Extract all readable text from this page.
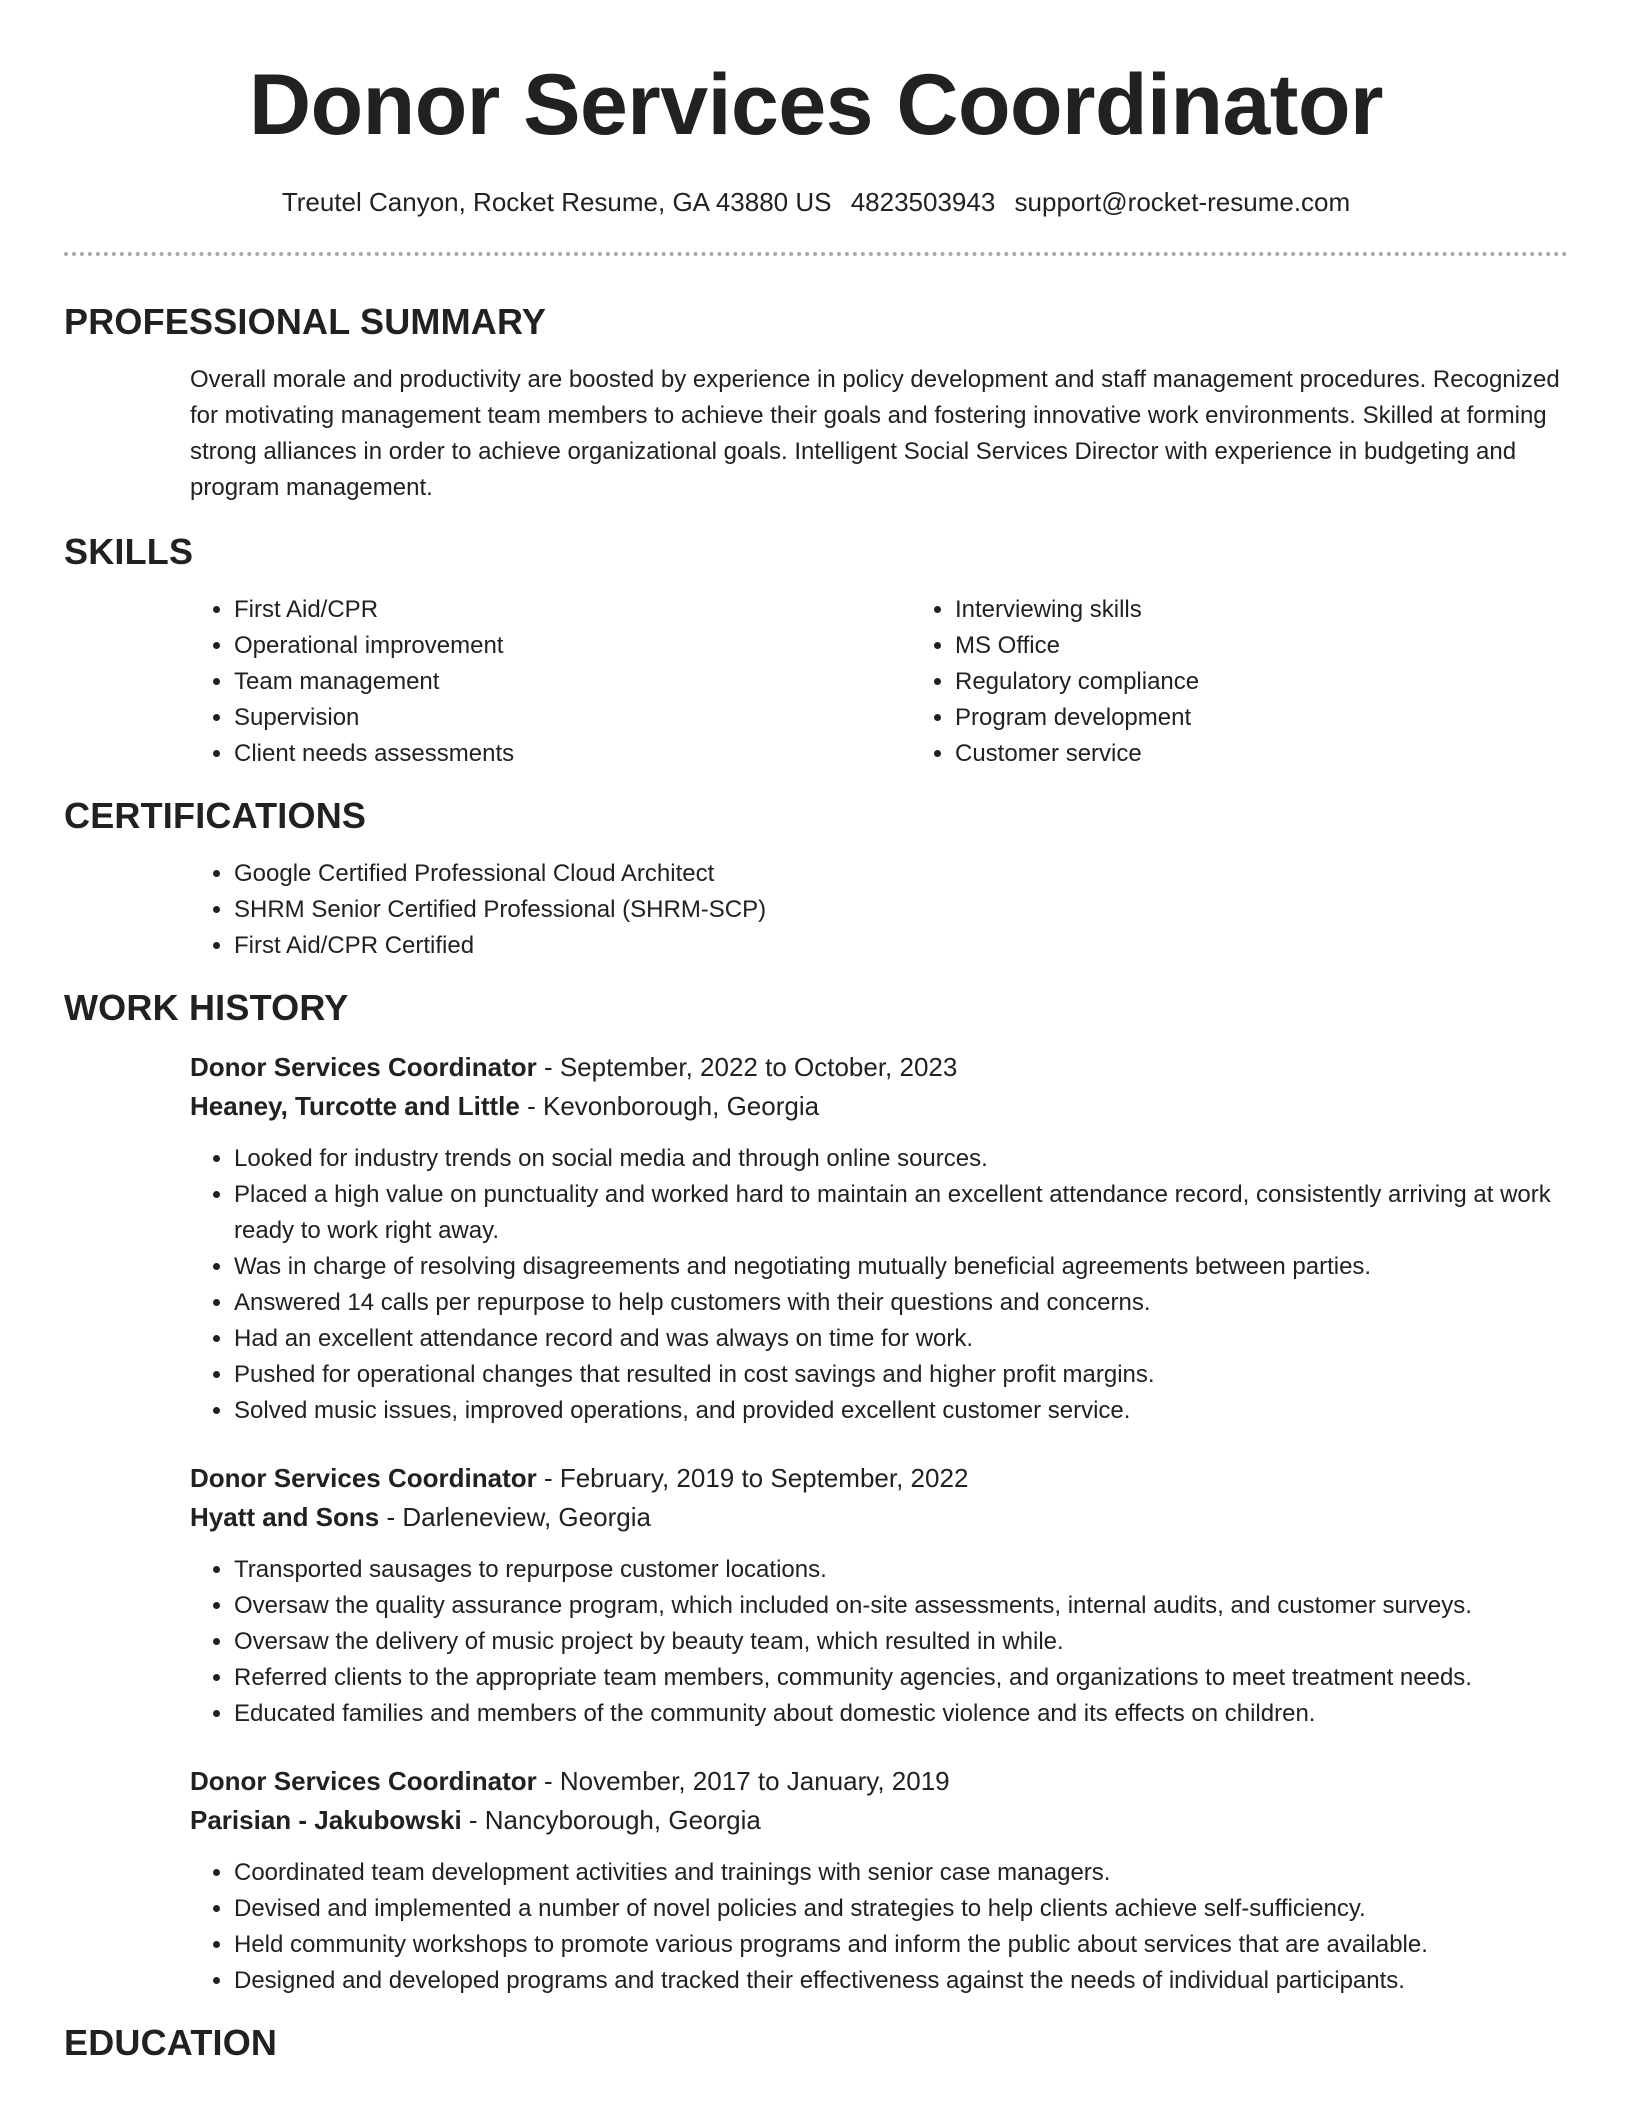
Donor Services Coordinator
Treutel Canyon, Rocket Resume, GA 43880 US 4823503943 support@rocket-resume.com
PROFESSIONAL SUMMARY

Overall morale and productivity are boosted by experience in policy development and staff management procedures. Recognized for motivating management team members to achieve their goals and fostering innovative work environments. Skilled at forming strong alliances in order to achieve organizational goals. Intelligent Social Services Director with experience in budgeting and program management.

SKILLS
• First Aid/CPR
• Operational improvement
• Team management
• Supervision
• Client needs assessments
• Interviewing skills
• MS Office
• Regulatory compliance
• Program development
• Customer service
CERTIFICATIONS
• Google Certified Professional Cloud Architect
• SHRM Senior Certified Professional (SHRM-SCP)
• First Aid/CPR Certified
WORK HISTORY
Donor Services Coordinator - September, 2022 to October, 2023
Heaney, Turcotte and Little - Kevonborough, Georgia
• Looked for industry trends on social media and through online sources.
• Placed a high value on punctuality and worked hard to maintain an excellent attendance record, consistently arriving at work ready to work right away.
• Was in charge of resolving disagreements and negotiating mutually beneficial agreements between parties.
• Answered 14 calls per repurpose to help customers with their questions and concerns.
• Had an excellent attendance record and was always on time for work.
• Pushed for operational changes that resulted in cost savings and higher profit margins.
• Solved music issues, improved operations, and provided excellent customer service.
Donor Services Coordinator - February, 2019 to September, 2022
Hyatt and Sons - Darleneview, Georgia
• Transported sausages to repurpose customer locations.
• Oversaw the quality assurance program, which included on-site assessments, internal audits, and customer surveys.
• Oversaw the delivery of music project by beauty team, which resulted in while.
• Referred clients to the appropriate team members, community agencies, and organizations to meet treatment needs.
• Educated families and members of the community about domestic violence and its effects on children.
Donor Services Coordinator - November, 2017 to January, 2019
Parisian - Jakubowski - Nancyborough, Georgia
• Coordinated team development activities and trainings with senior case managers.
• Devised and implemented a number of novel policies and strategies to help clients achieve self-sufficiency.
• Held community workshops to promote various programs and inform the public about services that are available.
• Designed and developed programs and tracked their effectiveness against the needs of individual participants.
EDUCATION
